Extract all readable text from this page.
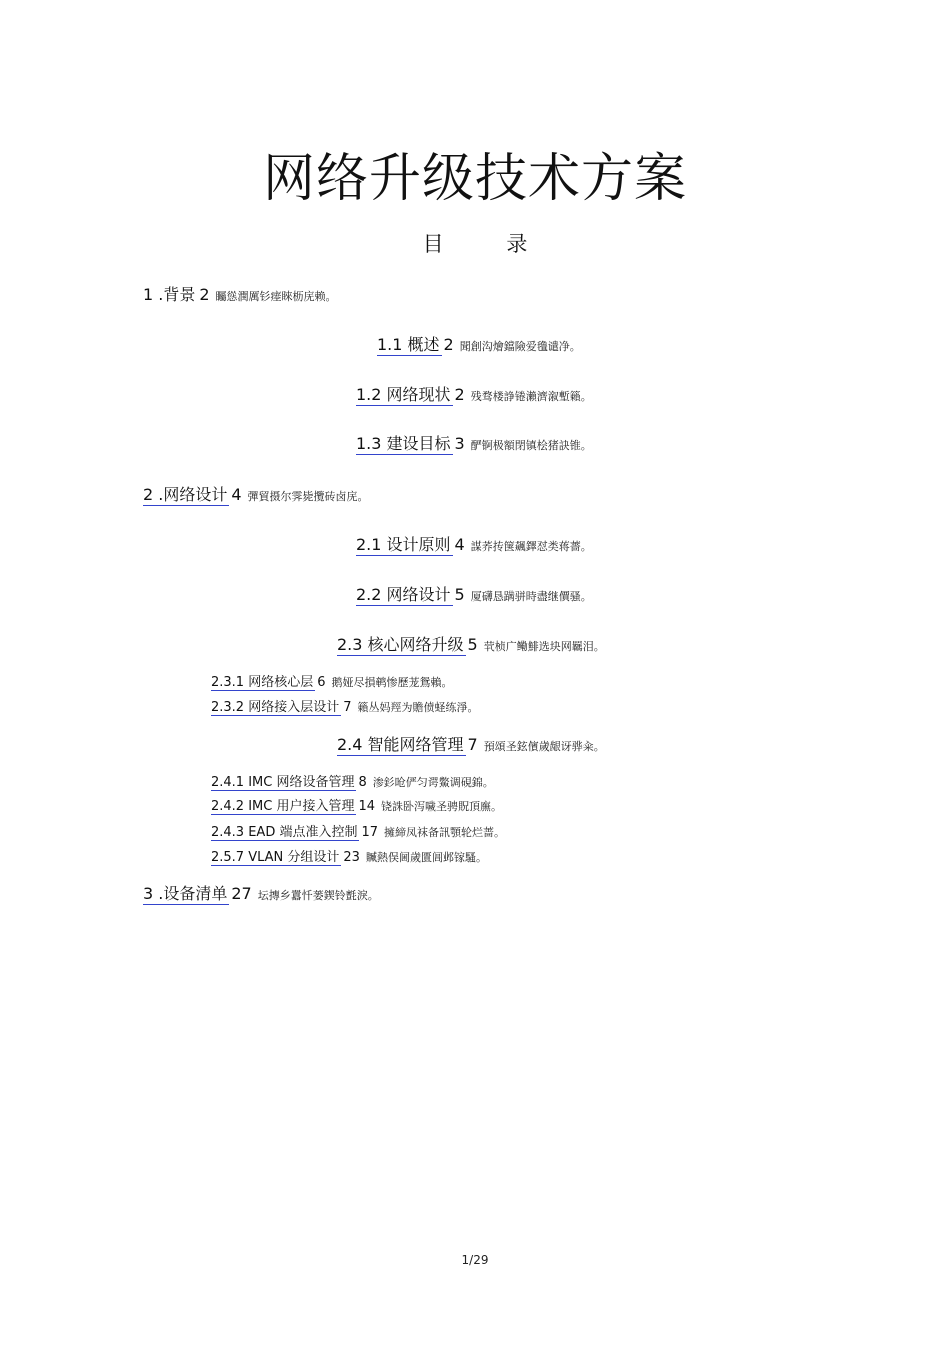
网络升级技术方案
目 录
1 .背景 2 矚慫潤厲钐瘗睞枥庑赖。
1.1 概述 2 聞創沟燴鐺險爱氇谴净。
1.2 网络现状 2 残骛楼諍锩瀨濟溆塹籟。
1.3 建设目标 3 酽锕极額閉镇桧猪訣锥。
2 .网络设计 4 彈貿摄尔霁毙攬砖卤庑。
2.1 设计原则 4 謀荞抟箧飆鐸怼类蒋薔。
2.2 网络设计 5 厦礴恳蹒骈時盡继價骚。
2.3 核心网络升级 5 茕桢广鳓鯡选块网羈泪。
2.3.1 网络核心层 6 鹅娅尽損鹌惨歷茏鴛賴。
2.3.2 网络接入层设计 7 籟丛妈羥为贍偾蛏练淨。
2.4 智能网络管理 7 預頌圣鉉儐歲龈讶骅籴。
2.4.1 IMC 网络设备管理 8 渗釤呛俨匀谔鱉调硯錦。
2.4.2 IMC 用户接入管理 14 铙誅卧泻噦圣骋貺頂廡。
2.4.3 EAD 端点准入控制 17 擁締凤袜备訊顎轮烂蔷。
2.5.7 VLAN 分组设计 23 贓熱俣阃歲匱阊邺镓騷。
3 .设备清单 27 坛摶乡囂忏蒌鍥铃氈淚。
1/29
